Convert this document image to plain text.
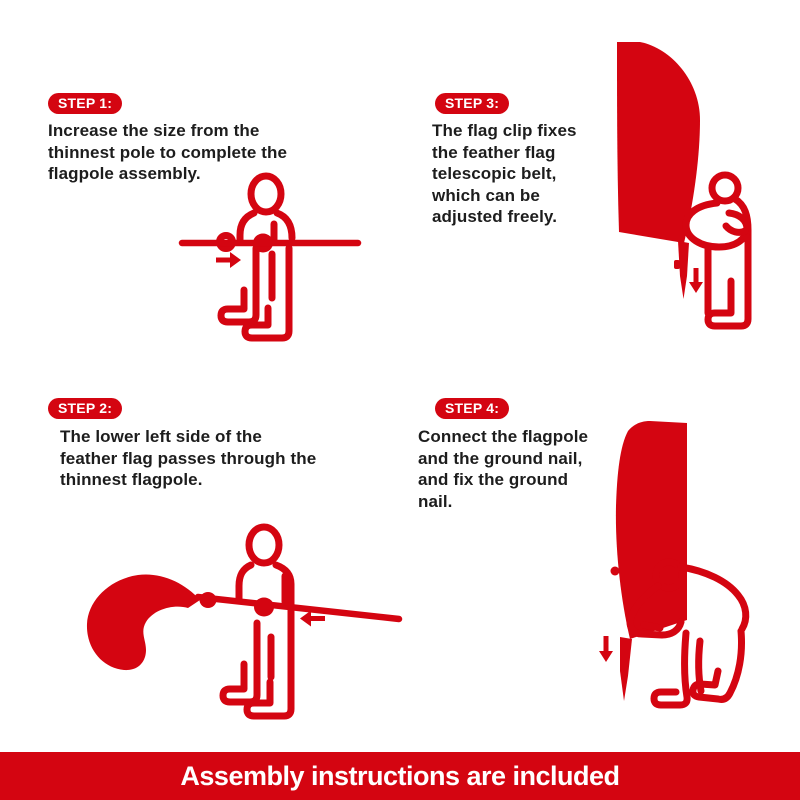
STEP 1:
Increase the size from the
thinnest pole to complete the
flagpole assembly.
STEP 3:
The flag clip fixes
the feather flag
telescopic belt,
which can be
adjusted freely.
STEP 2:
The lower left side of the
feather flag passes through the
thinnest flagpole.
STEP 4:
Connect the flagpole
and the ground nail,
and fix the ground
nail.
Assembly instructions are included
